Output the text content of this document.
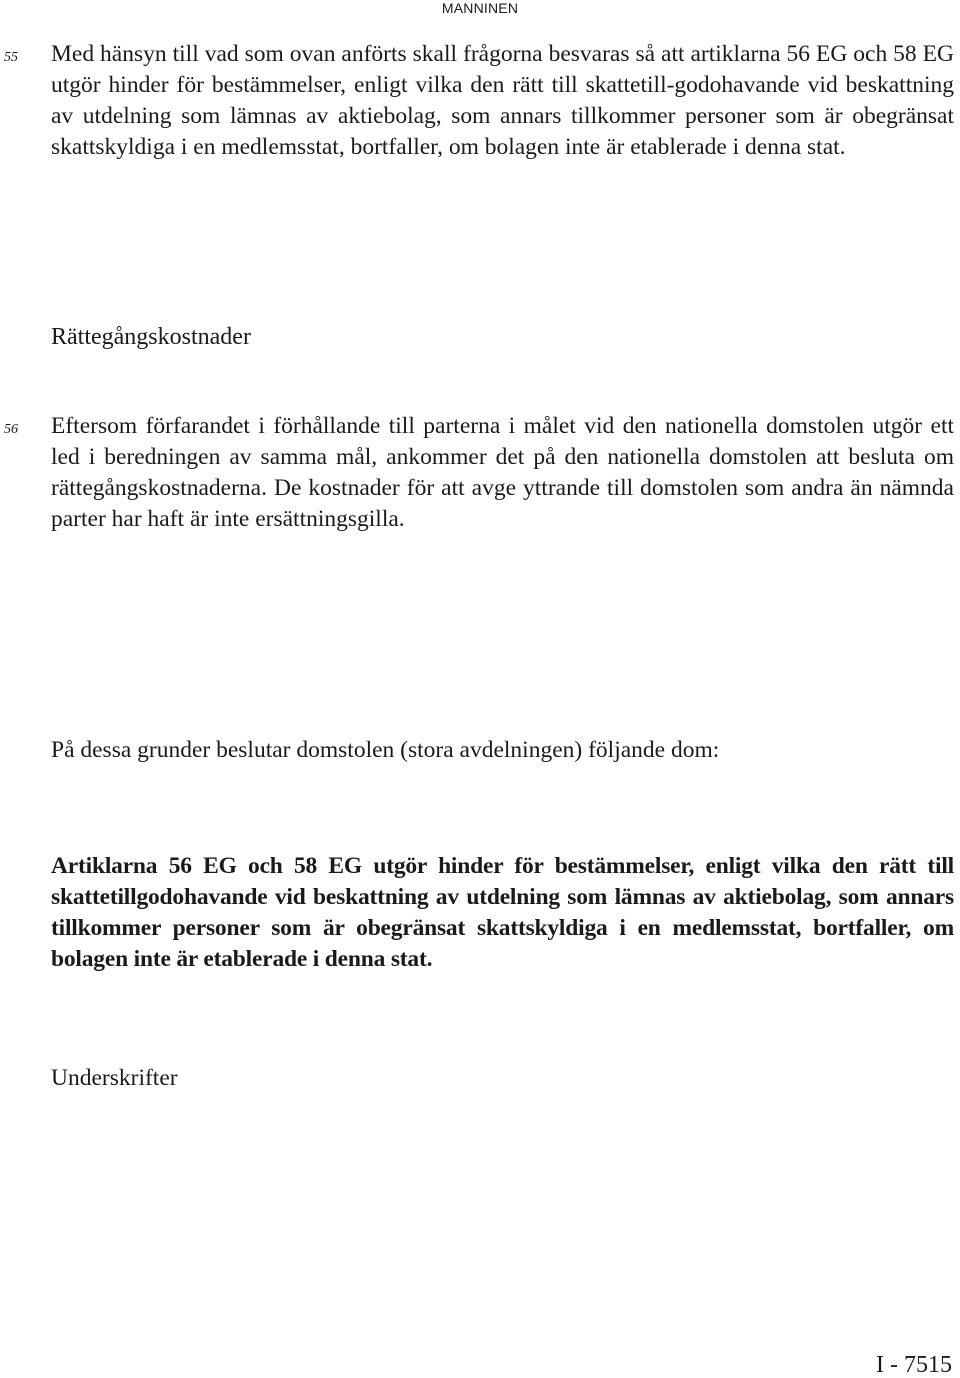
MANNINEN
55 Med hänsyn till vad som ovan anförts skall frågorna besvaras så att artiklarna 56 EG och 58 EG utgör hinder för bestämmelser, enligt vilka den rätt till skattetill-godohavande vid beskattning av utdelning som lämnas av aktiebolag, som annars tillkommer personer som är obegränsat skattskyldiga i en medlemsstat, bortfaller, om bolagen inte är etablerade i denna stat.

Rättegångskostnader
56 Eftersom förfarandet i förhållande till parterna i målet vid den nationella domstolen utgör ett led i beredningen av samma mål, ankommer det på den nationella domstolen att besluta om rättegångskostnaderna. De kostnader för att avge yttrande till domstolen som andra än nämnda parter har haft är inte ersättningsgilla.

På dessa grunder beslutar domstolen (stora avdelningen) följande dom:

Artiklarna 56 EG och 58 EG utgör hinder för bestämmelser, enligt vilka den rätt till skattetillgodohavande vid beskattning av utdelning som lämnas av aktiebolag, som annars tillkommer personer som är obegränsat skattskyldiga i en medlemsstat, bortfaller, om bolagen inte är etablerade i denna stat.

Underskrifter

I - 7515
